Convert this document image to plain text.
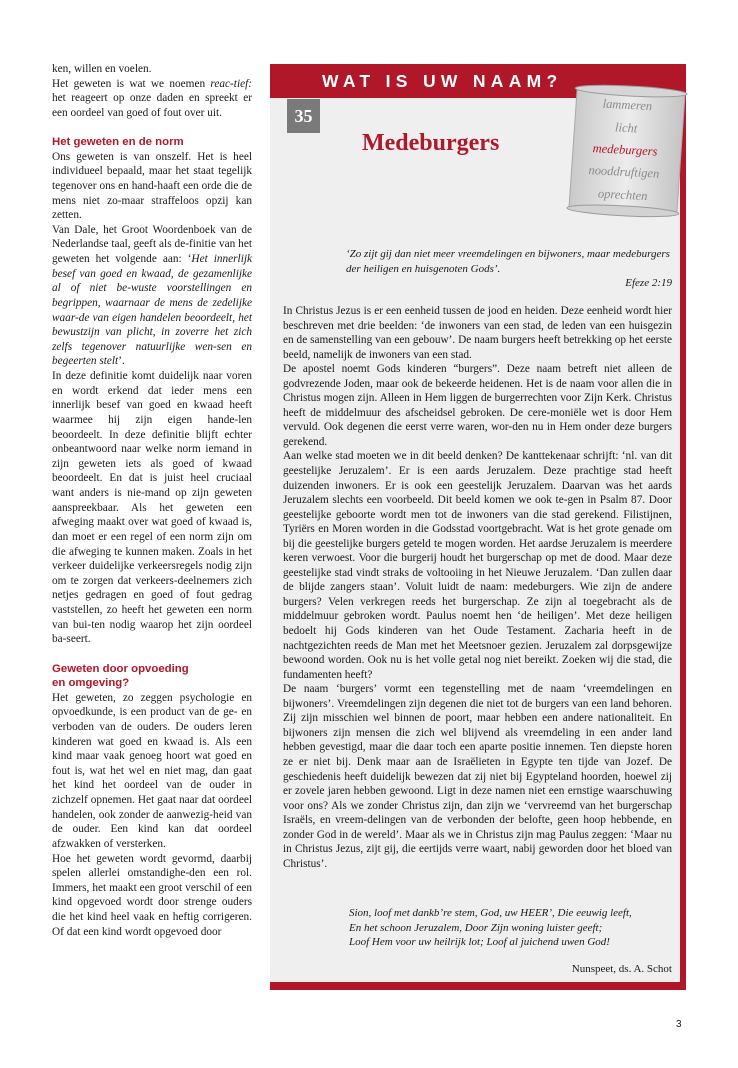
ken, willen en voelen.

Het geweten is wat we noemen reac-tief: het reageert op onze daden en spreekt er een oordeel van goed of fout over uit.

Het geweten en de norm

Ons geweten is van onszelf. Het is heel individueel bepaald, maar het staat tegelijk tegenover ons en hand-haaft een orde die de mens niet zo-maar straffeloos opzij kan zetten.

Van Dale, het Groot Woordenboek van de Nederlandse taal, geeft als de-finitie van het geweten het volgende aan: ‘Het innerlijk besef van goed en kwaad, de gezamenlijke al of niet be-wuste voorstellingen en begrippen, waarnaar de mens de zedelijke waar-de van eigen handelen beoordeelt, het bewustzijn van plicht, in zoverre het zich zelfs tegenover natuurlijke wen-sen en begeerten stelt’.

In deze definitie komt duidelijk naar voren en wordt erkend dat ieder mens een innerlijk besef van goed en kwaad heeft waarmee hij zijn eigen hande-len beoordeelt. In deze definitie blijft echter onbeantwoord naar welke norm iemand in zijn geweten iets als goed of kwaad beoordeelt. En dat is juist heel cruciaal want anders is nie-mand op zijn geweten aanspreekbaar. Als het geweten een afweging maakt over wat goed of kwaad is, dan moet er een regel of een norm zijn om die afweging te kunnen maken. Zoals in het verkeer duidelijke verkeersregels nodig zijn om te zorgen dat verkeers-deelnemers zich netjes gedragen en goed of fout gedrag vaststellen, zo heeft het geweten een norm van bui-ten nodig waarop het zijn oordeel ba-seert.

Geweten door opvoeding
en omgeving?

Het geweten, zo zeggen psychologie en opvoedkunde, is een product van de ge- en verboden van de ouders. De ouders leren kinderen wat goed en kwaad is. Als een kind maar vaak genoeg hoort wat goed en fout is, wat het wel en niet mag, dan gaat het kind het oordeel van de ouder in zichzelf opnemen. Het gaat naar dat oordeel handelen, ook zonder de aanwezig-heid van de ouder. Een kind kan dat oordeel afzwakken of versterken.

Hoe het geweten wordt gevormd, daarbij spelen allerlei omstandighe-den een rol. Immers, het maakt een groot verschil of een kind opgevoed wordt door strenge ouders die het kind heel vaak en heftig corrigeren. Of dat een kind wordt opgevoed door

WAT IS UW NAAM?
35
Medeburgers
lammeren
licht
medeburgers
nooddruftigen
oprechten

‘Zo zijt gij dan niet meer vreemdelingen en bijwoners, maar medeburgers der heiligen en huisgenoten Gods’.

Efeze 2:19

In Christus Jezus is er een eenheid tussen de jood en heiden. Deze eenheid wordt hier beschreven met drie beelden: ‘de inwoners van een stad, de leden van een huisgezin en de samenstelling van een gebouw’. De naam burgers heeft betrekking op het eerste beeld, namelijk de inwoners van een stad.

De apostel noemt Gods kinderen “burgers”. Deze naam betreft niet alleen de godvrezende Joden, maar ook de bekeerde heidenen. Het is de naam voor allen die in Christus mogen zijn. Alleen in Hem liggen de burgerrechten voor Zijn Kerk. Christus heeft de middelmuur des afscheidsel gebroken. De cere-moniële wet is door Hem vervuld. Ook degenen die eerst verre waren, wor-den nu in Hem onder deze burgers gerekend.

Aan welke stad moeten we in dit beeld denken? De kanttekenaar schrijft: ‘nl. van dit geestelijke Jeruzalem’. Er is een aards Jeruzalem. Deze prachtige stad heeft duizenden inwoners. Er is ook een geestelijk Jeruzalem. Daarvan was het aards Jeruzalem slechts een voorbeeld. Dit beeld komen we ook te-gen in Psalm 87. Door geestelijke geboorte wordt men tot de inwoners van die stad gerekend. Filistijnen, Tyriërs en Moren worden in die Godsstad voortgebracht. Wat is het grote genade om bij die geestelijke burgers geteld te mogen worden. Het aardse Jeruzalem is meerdere keren verwoest. Voor die burgerij houdt het burgerschap op met de dood. Maar deze geestelijke stad vindt straks de voltooiing in het Nieuwe Jeruzalem. ‘Dan zullen daar de blijde zangers staan’. Voluit luidt de naam: medeburgers. Wie zijn de andere burgers? Velen verkregen reeds het burgerschap. Ze zijn al toegebracht als de middelmuur gebroken wordt. Paulus noemt hen ‘de heiligen’. Met deze heiligen bedoelt hij Gods kinderen van het Oude Testament. Zacharia heeft in de nachtgezichten reeds de Man met het Meetsnoer gezien. Jeruzalem zal dorpsgewijze bewoond worden. Ook nu is het volle getal nog niet bereikt. Zoeken wij die stad, die fundamenten heeft?

De naam ‘burgers’ vormt een tegenstelling met de naam ‘vreemdelingen en bijwoners’. Vreemdelingen zijn degenen die niet tot de burgers van een land behoren. Zij zijn misschien wel binnen de poort, maar hebben een andere nationaliteit. En bijwoners zijn mensen die zich wel blijvend als vreemdeling in een ander land hebben gevestigd, maar die daar toch een aparte positie innemen. Ten diepste horen ze er niet bij. Denk maar aan de Israëlieten in Egypte ten tijde van Jozef. De geschiedenis heeft duidelijk bewezen dat zij niet bij Egypteland hoorden, hoewel zij er zovele jaren hebben gewoond. Ligt in deze namen niet een ernstige waarschuwing voor ons? Als we zonder Christus zijn, dan zijn we ‘vervreemd van het burgerschap Israëls, en vreem-delingen van de verbonden der belofte, geen hoop hebbende, en zonder God in de wereld’. Maar als we in Christus zijn mag Paulus zeggen: ‘Maar nu in Christus Jezus, zijt gij, die eertijds verre waart, nabij geworden door het bloed van Christus’.

Sion, loof met dankb’re stem, God, uw HEER’, Die eeuwig leeft,

En het schoon Jeruzalem, Door Zijn woning luister geeft;

Loof Hem voor uw heilrijk lot; Loof al juichend uwen God!

Nunspeet, ds. A. Schot
3
